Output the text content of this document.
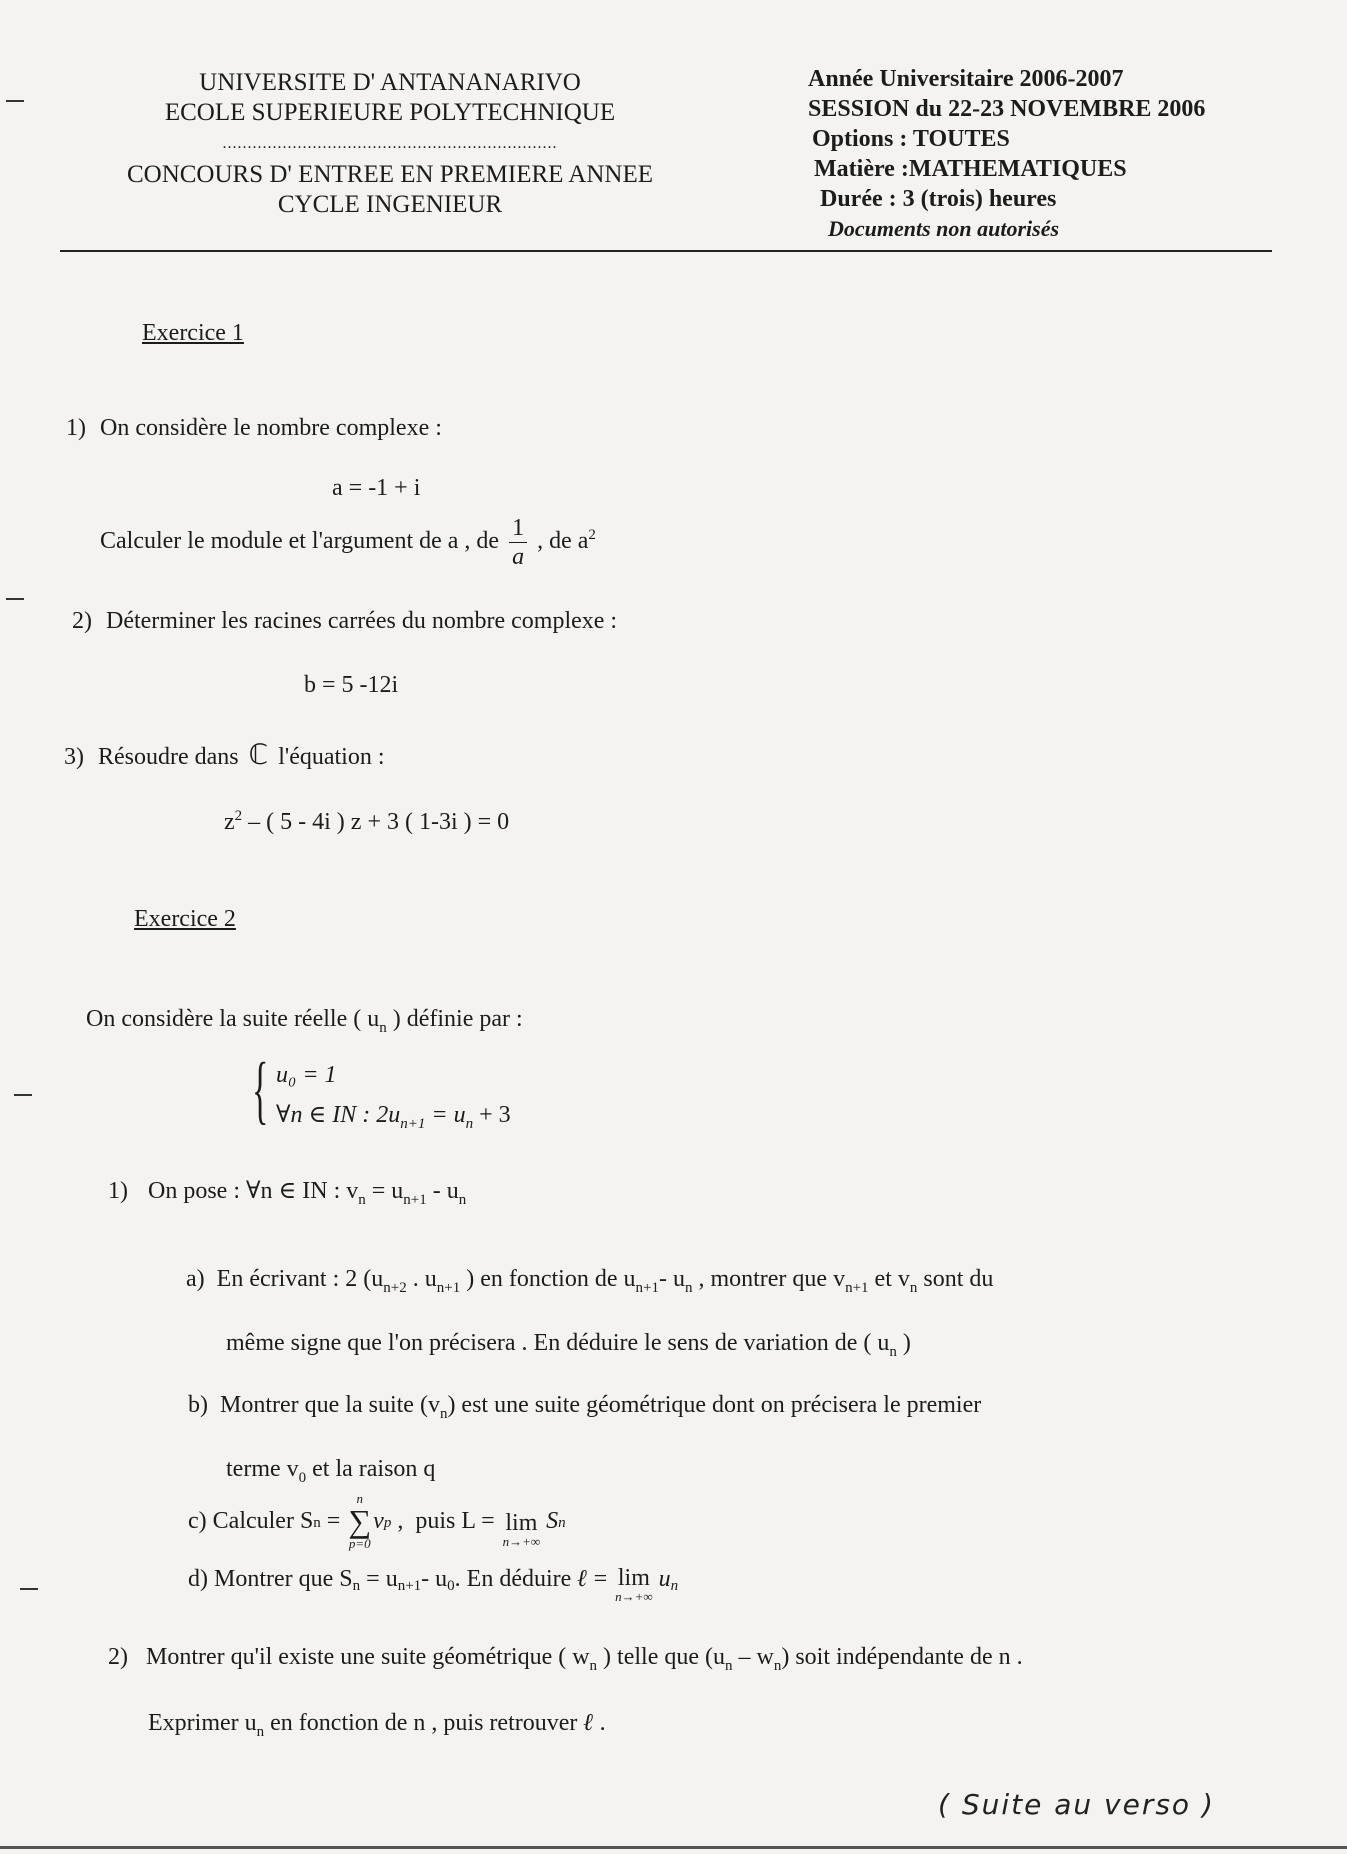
UNIVERSITE D' ANTANANARIVO
ECOLE SUPERIEURE POLYTECHNIQUE
...................................................................
CONCOURS D' ENTREE EN PREMIERE ANNEE
CYCLE INGENIEUR
Année Universitaire 2006-2007
SESSION du 22-23 NOVEMBRE 2006
Options : TOUTES
Matière :MATHEMATIQUES
Durée : 3 (trois) heures
Documents non autorisés
Exercice 1
1) On considère le nombre complexe :
a = -1 + i
Calculer le module et l'argument de a , de $\frac{1}{a}$ , de $a^2$
2) Déterminer les racines carrées du nombre complexe :
b = 5 -12i
3) Résoudre dans ℂ l'équation :
$z^2$ – ( 5 - 4i ) z + 3 ( 1-3i ) = 0
Exercice 2
On considère la suite réelle ( $u_n$ ) définie par :
{ u₀ = 1
∀n ∈ IN : $2u_{n+1} = u_n + 3$
1) On pose : ∀n ∈ IN : $v_n = u_{n+1} - u_n$
a) En écrivant : 2 ($u_{n+2}$ . $u_{n+1}$ ) en fonction de $u_{n+1}-$ $u_n$ , montrer que $v_{n+1}$ et $v_n$ sont du
même signe que l'on précisera . En déduire le sens de variation de ( $u_n$ )
b) Montrer que la suite $(v_n)$ est une suite géométrique dont on précisera le premier
terme $v_0$ et la raison q
c) Calculer S n =
n
∑
p=0
v p ,  puis L = lim
n→+∞
S n
d) Montrer que $S_n = u_{n+1} - u_0$ . En déduire ℓ = lim
n→+∞
$u_n$
2) Montrer qu'il existe une suite géométrique ( $w_n$ ) telle que $(u_n - w_n)$ soit indépendante de n .
Exprimer $u_n$ en fonction de n , puis retrouver ℓ .
( Suite au verso )
